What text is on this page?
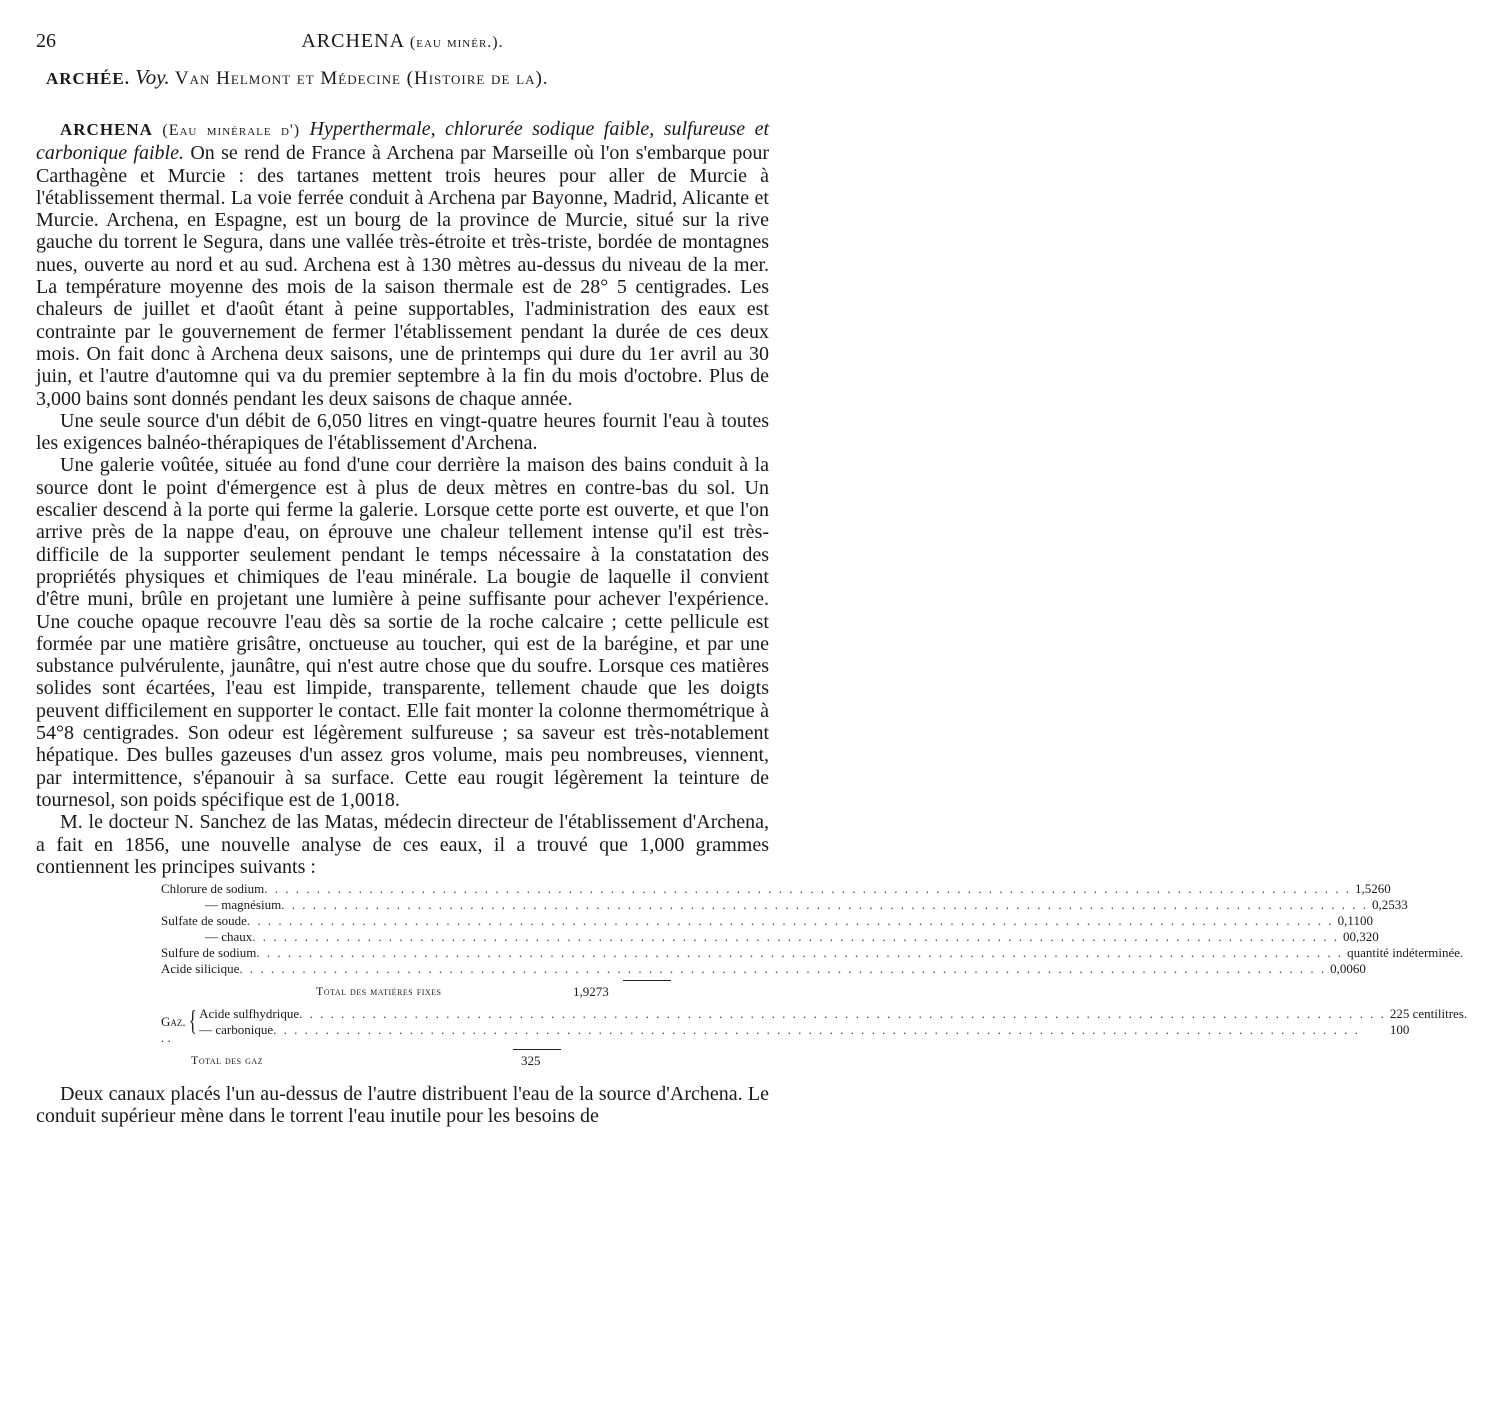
26	ARCHENA (eau minér.).
ARCHÉE. Voy. Van Helmont et Médecine (Histoire de la).

ARCHENA (Eau minérale d') Hyperthermale, chlorurée sodique faible, sulfureuse et carbonique faible. On se rend de France à Archena par Marseille où l'on s'embarque pour Carthagène et Murcie : des tartanes mettent trois heures pour aller de Murcie à l'établissement thermal. La voie ferrée conduit à Archena par Bayonne, Madrid, Alicante et Murcie. Archena, en Espagne, est un bourg de la province de Murcie, situé sur la rive gauche du torrent le Segura, dans une vallée très-étroite et très-triste, bordée de montagnes nues, ouverte au nord et au sud. Archena est à 130 mètres au-dessus du niveau de la mer. La température moyenne des mois de la saison thermale est de 28° 5 centigrades. Les chaleurs de juillet et d'août étant à peine supportables, l'administration des eaux est contrainte par le gouvernement de fermer l'établissement pendant la durée de ces deux mois. On fait donc à Archena deux saisons, une de printemps qui dure du 1er avril au 30 juin, et l'autre d'automne qui va du premier septembre à la fin du mois d'octobre. Plus de 3,000 bains sont donnés pendant les deux saisons de chaque année.

Une seule source d'un débit de 6,050 litres en vingt-quatre heures fournit l'eau à toutes les exigences balnéo-thérapiques de l'établissement d'Archena.

Une galerie voûtée, située au fond d'une cour derrière la maison des bains conduit à la source dont le point d'émergence est à plus de deux mètres en contre-bas du sol. Un escalier descend à la porte qui ferme la galerie. Lorsque cette porte est ouverte, et que l'on arrive près de la nappe d'eau, on éprouve une chaleur tellement intense qu'il est très-difficile de la supporter seulement pendant le temps nécessaire à la constatation des propriétés physiques et chimiques de l'eau minérale. La bougie de laquelle il convient d'être muni, brûle en projetant une lumière à peine suffisante pour achever l'expérience. Une couche opaque recouvre l'eau dès sa sortie de la roche calcaire ; cette pellicule est formée par une matière grisâtre, onctueuse au toucher, qui est de la barégine, et par une substance pulvérulente, jaunâtre, qui n'est autre chose que du soufre. Lorsque ces matières solides sont écartées, l'eau est limpide, transparente, tellement chaude que les doigts peuvent difficilement en supporter le contact. Elle fait monter la colonne thermométrique à 54°8 centigrades. Son odeur est légèrement sulfureuse ; sa saveur est très-notablement hépatique. Des bulles gazeuses d'un assez gros volume, mais peu nombreuses, viennent, par intermittence, s'épanouir à sa surface. Cette eau rougit légèrement la teinture de tournesol, son poids spécifique est de 1,0018.

M. le docteur N. Sanchez de las Matas, médecin directeur de l'établissement d'Archena, a fait en 1856, une nouvelle analyse de ces eaux, il a trouvé que 1,000 grammes contiennent les principes suivants :

Chlorure de sodium . . .	1,5260
— magnésium . . .	0,2533
Sulfate de soude . . .	0,1100
— chaux . . .	00,320
Sulfure de sodium . . .	quantité indéterminée.
Acide silicique . . .	0,0060
Total des matières fixes	1,9273
Gaz. . .
{ Acide sulfhydrique . . .	225 centilitres.
— carbonique . . .	100
Total des gaz	325

Deux canaux placés l'un au-dessus de l'autre distribuent l'eau de la source d'Archena. Le conduit supérieur mène dans le torrent l'eau inutile pour les besoins de
